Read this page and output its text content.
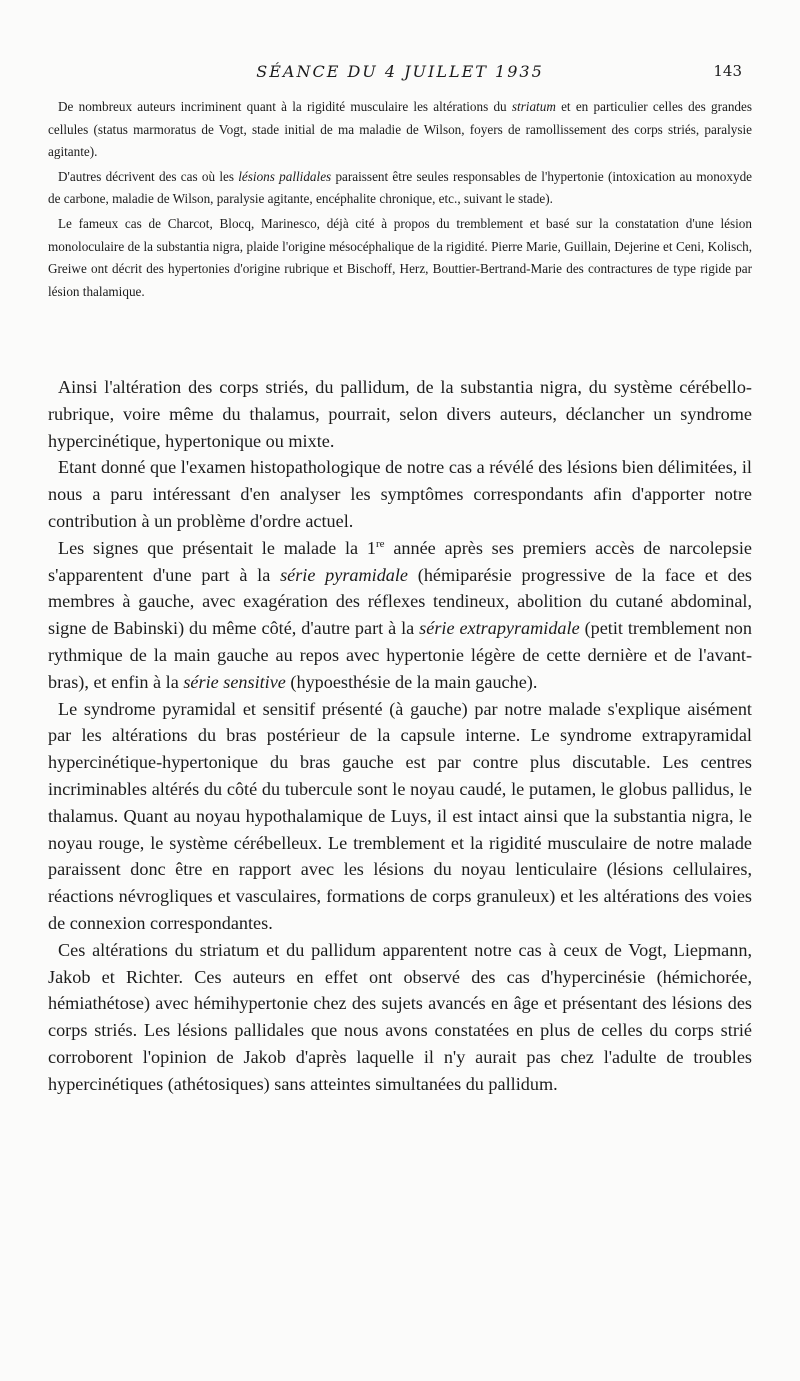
SÉANCE DU 4 JUILLET 1935	143

De nombreux auteurs incriminent quant à la rigidité musculaire les altérations du striatum et en particulier celles des grandes cellules (status marmoratus de Vogt, stade initial de ma maladie de Wilson, foyers de ramollissement des corps striés, paralysie agitante).

D'autres décrivent des cas où les lésions pallidales paraissent être seules responsables de l'hypertonie (intoxication au monoxyde de carbone, maladie de Wilson, paralysie agitante, encéphalite chronique, etc., suivant le stade).

Le fameux cas de Charcot, Blocq, Marinesco, déjà cité à propos du tremblement et basé sur la constatation d'une lésion monoloculaire de la substantia nigra, plaide l'origine mésocéphalique de la rigidité. Pierre Marie, Guillain, Dejerine et Ceni, Kolisch, Greiwe ont décrit des hypertonies d'origine rubrique et Bischoff, Herz, Bouttier-Bertrand-Marie des contractures de type rigide par lésion thalamique.

Ainsi l'altération des corps striés, du pallidum, de la substantia nigra, du système cérébello-rubrique, voire même du thalamus, pourrait, selon divers auteurs, déclancher un syndrome hypercinétique, hypertonique ou mixte.

Etant donné que l'examen histopathologique de notre cas a révélé des lésions bien délimitées, il nous a paru intéressant d'en analyser les symptômes correspondants afin d'apporter notre contribution à un problème d'ordre actuel.

Les signes que présentait le malade la 1re année après ses premiers accès de narcolepsie s'apparentent d'une part à la série pyramidale (hémiparésie progressive de la face et des membres à gauche, avec exagération des réflexes tendineux, abolition du cutané abdominal, signe de Babinski) du même côté, d'autre part à la série extrapyramidale (petit tremblement non rythmique de la main gauche au repos avec hypertonie légère de cette dernière et de l'avant-bras), et enfin à la série sensitive (hypoesthésie de la main gauche).

Le syndrome pyramidal et sensitif présenté (à gauche) par notre malade s'explique aisément par les altérations du bras postérieur de la capsule interne. Le syndrome extrapyramidal hypercinétique-hypertonique du bras gauche est par contre plus discutable. Les centres incriminables altérés du côté du tubercule sont le noyau caudé, le putamen, le globus pallidus, le thalamus. Quant au noyau hypothalamique de Luys, il est intact ainsi que la substantia nigra, le noyau rouge, le système cérébelleux. Le tremblement et la rigidité musculaire de notre malade paraissent donc être en rapport avec les lésions du noyau lenticulaire (lésions cellulaires, réactions névrogliques et vasculaires, formations de corps granuleux) et les altérations des voies de connexion correspondantes.

Ces altérations du striatum et du pallidum apparentent notre cas à ceux de Vogt, Liepmann, Jakob et Richter. Ces auteurs en effet ont observé des cas d'hypercinésie (hémichorée, hémiathétose) avec hémihypertonie chez des sujets avancés en âge et présentant des lésions des corps striés. Les lésions pallidales que nous avons constatées en plus de celles du corps strié corroborent l'opinion de Jakob d'après laquelle il n'y aurait pas chez l'adulte de troubles hypercinétiques (athétosiques) sans atteintes simultanées du pallidum.
